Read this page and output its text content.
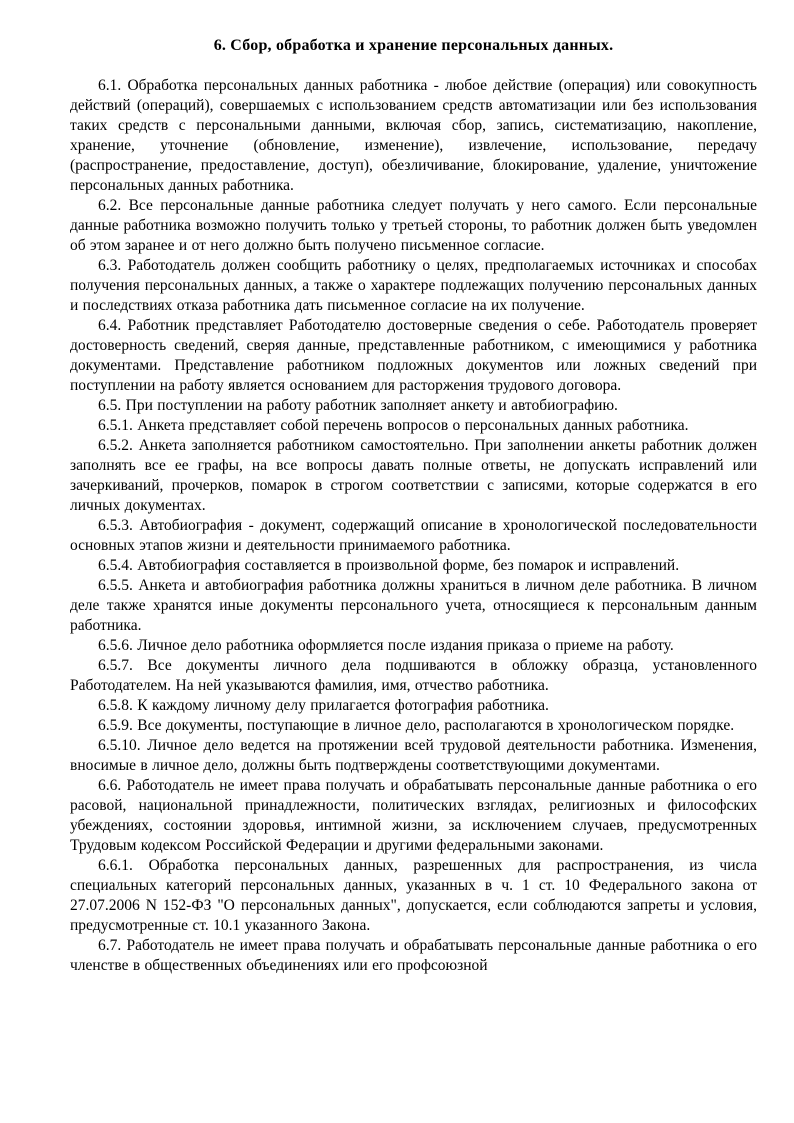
6. Сбор, обработка и хранение персональных данных.

6.1. Обработка персональных данных работника - любое действие (операция) или совокупность действий (операций), совершаемых с использованием средств автоматизации или без использования таких средств с персональными данными, включая сбор, запись, систематизацию, накопление, хранение, уточнение (обновление, изменение), извлечение, использование, передачу (распространение, предоставление, доступ), обезличивание, блокирование, удаление, уничтожение персональных данных работника.

6.2. Все персональные данные работника следует получать у него самого. Если персональные данные работника возможно получить только у третьей стороны, то работник должен быть уведомлен об этом заранее и от него должно быть получено письменное согласие.

6.3. Работодатель должен сообщить работнику о целях, предполагаемых источниках и способах получения персональных данных, а также о характере подлежащих получению персональных данных и последствиях отказа работника дать письменное согласие на их получение.

6.4. Работник представляет Работодателю достоверные сведения о себе. Работодатель проверяет достоверность сведений, сверяя данные, представленные работником, с имеющимися у работника документами. Представление работником подложных документов или ложных сведений при поступлении на работу является основанием для расторжения трудового договора.

6.5. При поступлении на работу работник заполняет анкету и автобиографию.

6.5.1. Анкета представляет собой перечень вопросов о персональных данных работника.

6.5.2. Анкета заполняется работником самостоятельно. При заполнении анкеты работник должен заполнять все ее графы, на все вопросы давать полные ответы, не допускать исправлений или зачеркиваний, прочерков, помарок в строгом соответствии с записями, которые содержатся в его личных документах.

6.5.3. Автобиография - документ, содержащий описание в хронологической последовательности основных этапов жизни и деятельности принимаемого работника.

6.5.4. Автобиография составляется в произвольной форме, без помарок и исправлений.

6.5.5. Анкета и автобиография работника должны храниться в личном деле работника. В личном деле также хранятся иные документы персонального учета, относящиеся к персональным данным работника.

6.5.6. Личное дело работника оформляется после издания приказа о приеме на работу.

6.5.7. Все документы личного дела подшиваются в обложку образца, установленного Работодателем. На ней указываются фамилия, имя, отчество работника.

6.5.8. К каждому личному делу прилагается фотография работника.

6.5.9. Все документы, поступающие в личное дело, располагаются в хронологическом порядке.

6.5.10. Личное дело ведется на протяжении всей трудовой деятельности работника. Изменения, вносимые в личное дело, должны быть подтверждены соответствующими документами.

6.6. Работодатель не имеет права получать и обрабатывать персональные данные работника о его расовой, национальной принадлежности, политических взглядах, религиозных и философских убеждениях, состоянии здоровья, интимной жизни, за исключением случаев, предусмотренных Трудовым кодексом Российской Федерации и другими федеральными законами.

6.6.1. Обработка персональных данных, разрешенных для распространения, из числа специальных категорий персональных данных, указанных в ч. 1 ст. 10 Федерального закона от 27.07.2006 N 152-ФЗ "О персональных данных", допускается, если соблюдаются запреты и условия, предусмотренные ст. 10.1 указанного Закона.

6.7. Работодатель не имеет права получать и обрабатывать персональные данные работника о его членстве в общественных объединениях или его профсоюзной
